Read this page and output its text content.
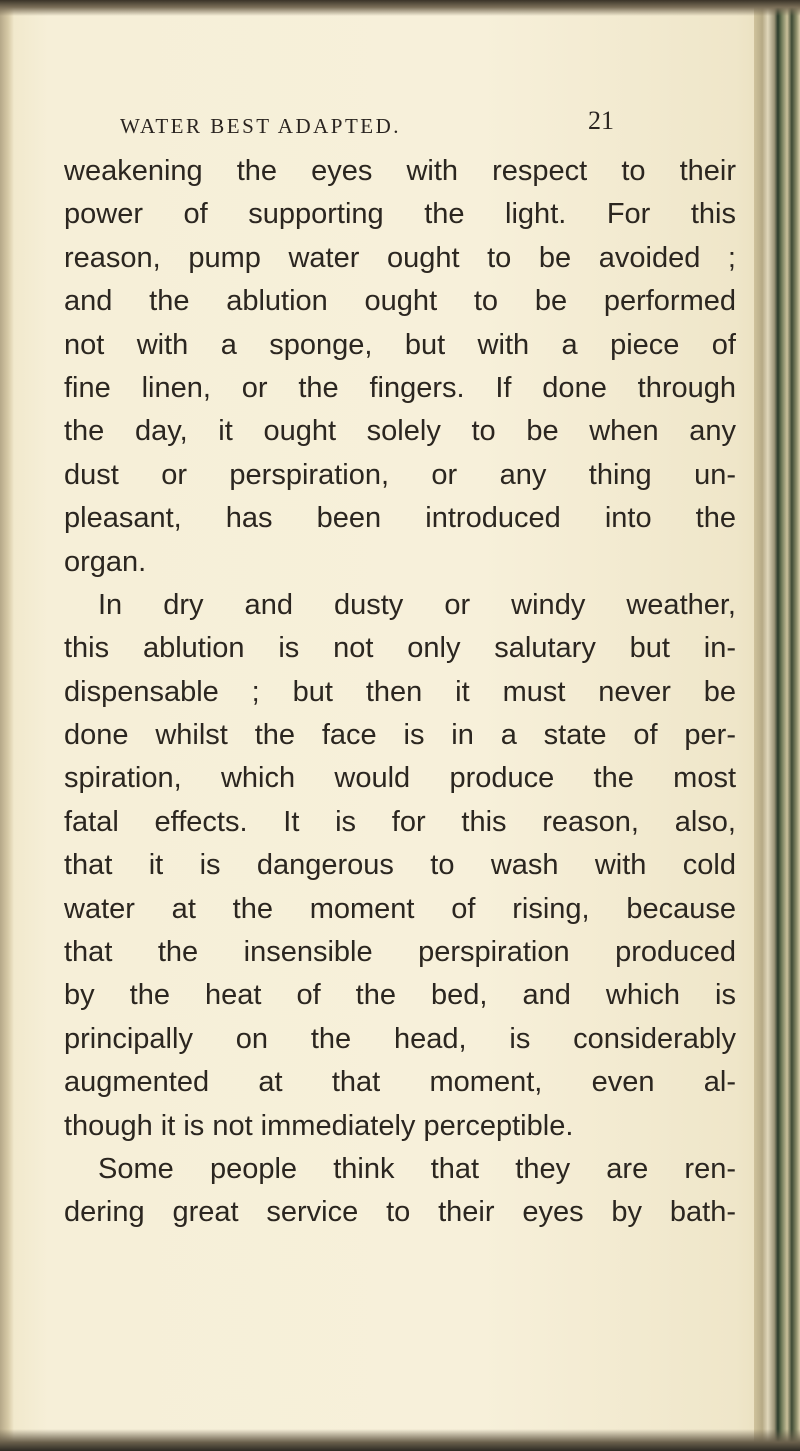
WATER BEST ADAPTED.	21
weakening the eyes with respect to their
power of supporting the light. For this
reason, pump water ought to be avoided ;
and the ablution ought to be performed
not with a sponge, but with a piece of
fine linen, or the fingers. If done through
the day, it ought solely to be when any
dust or perspiration, or any thing un-
pleasant, has been introduced into the
organ.
In dry and dusty or windy weather,
this ablution is not only salutary but in-
dispensable ; but then it must never be
done whilst the face is in a state of per-
spiration, which would produce the most
fatal effects. It is for this reason, also,
that it is dangerous to wash with cold
water at the moment of rising, because
that the insensible perspiration produced
by the heat of the bed, and which is
principally on the head, is considerably
augmented at that moment, even al-
though it is not immediately perceptible.
Some people think that they are ren-
dering great service to their eyes by bath-
